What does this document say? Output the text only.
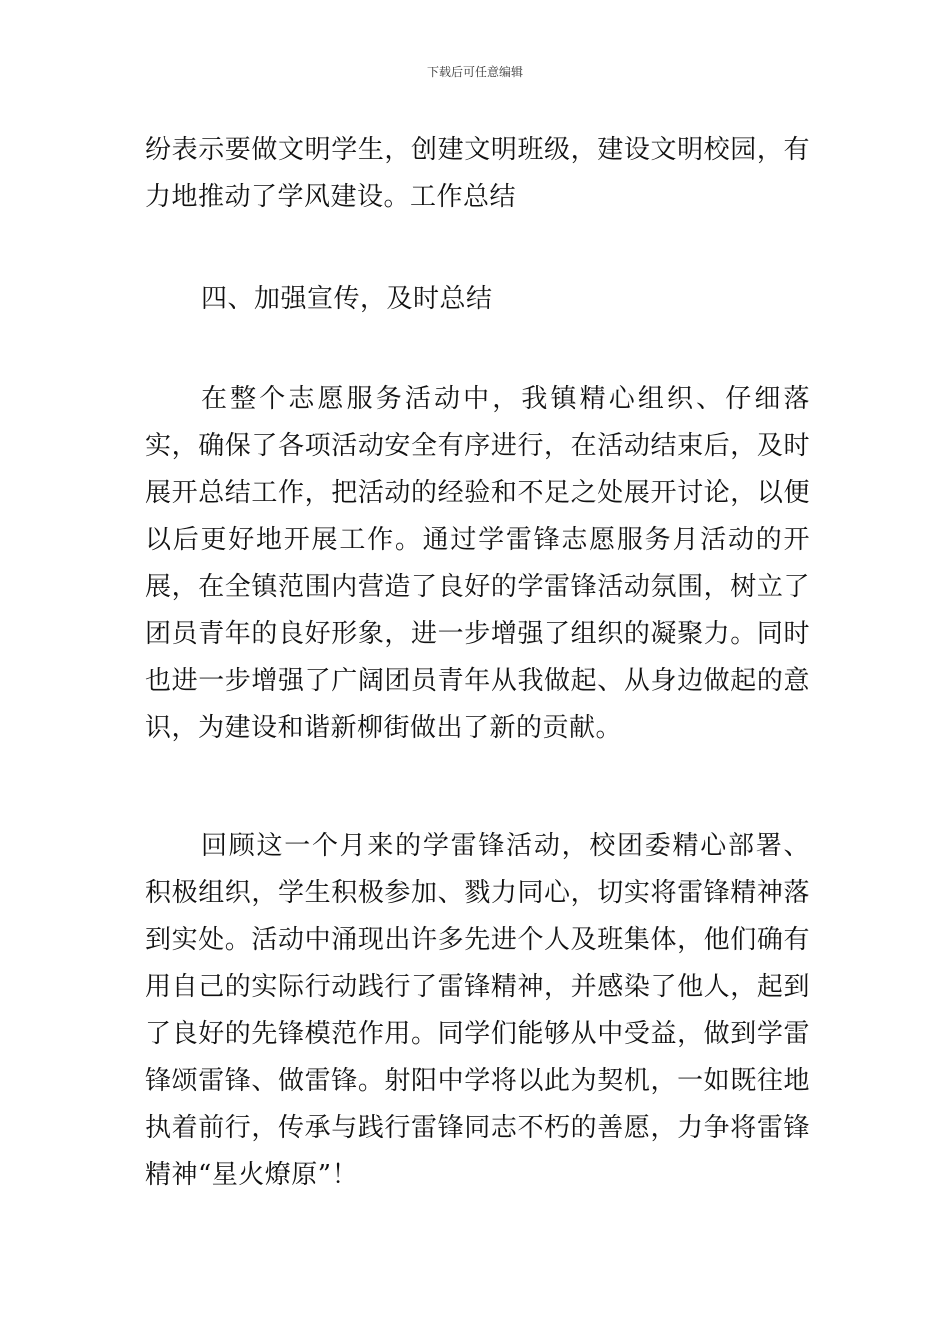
下载后可任意编辑

纷表示要做文明学生，创建文明班级，建设文明校园，有力地推动了学风建设。工作总结

四、加强宣传，及时总结

在整个志愿服务活动中，我镇精心组织、仔细落实，确保了各项活动安全有序进行，在活动结束后，及时展开总结工作，把活动的经验和不足之处展开讨论，以便以后更好地开展工作。通过学雷锋志愿服务月活动的开展，在全镇范围内营造了良好的学雷锋活动氛围，树立了团员青年的良好形象，进一步增强了组织的凝聚力。同时也进一步增强了广阔团员青年从我做起、从身边做起的意识，为建设和谐新柳街做出了新的贡献。

回顾这一个月来的学雷锋活动，校团委精心部署、积极组织，学生积极参加、戮力同心，切实将雷锋精神落到实处。活动中涌现出许多先进个人及班集体，他们确有用自己的实际行动践行了雷锋精神，并感染了他人，起到了良好的先锋模范作用。同学们能够从中受益，做到学雷锋颂雷锋、做雷锋。射阳中学将以此为契机，一如既往地执着前行，传承与践行雷锋同志不朽的善愿，力争将雷锋精神“星火燎原”！
